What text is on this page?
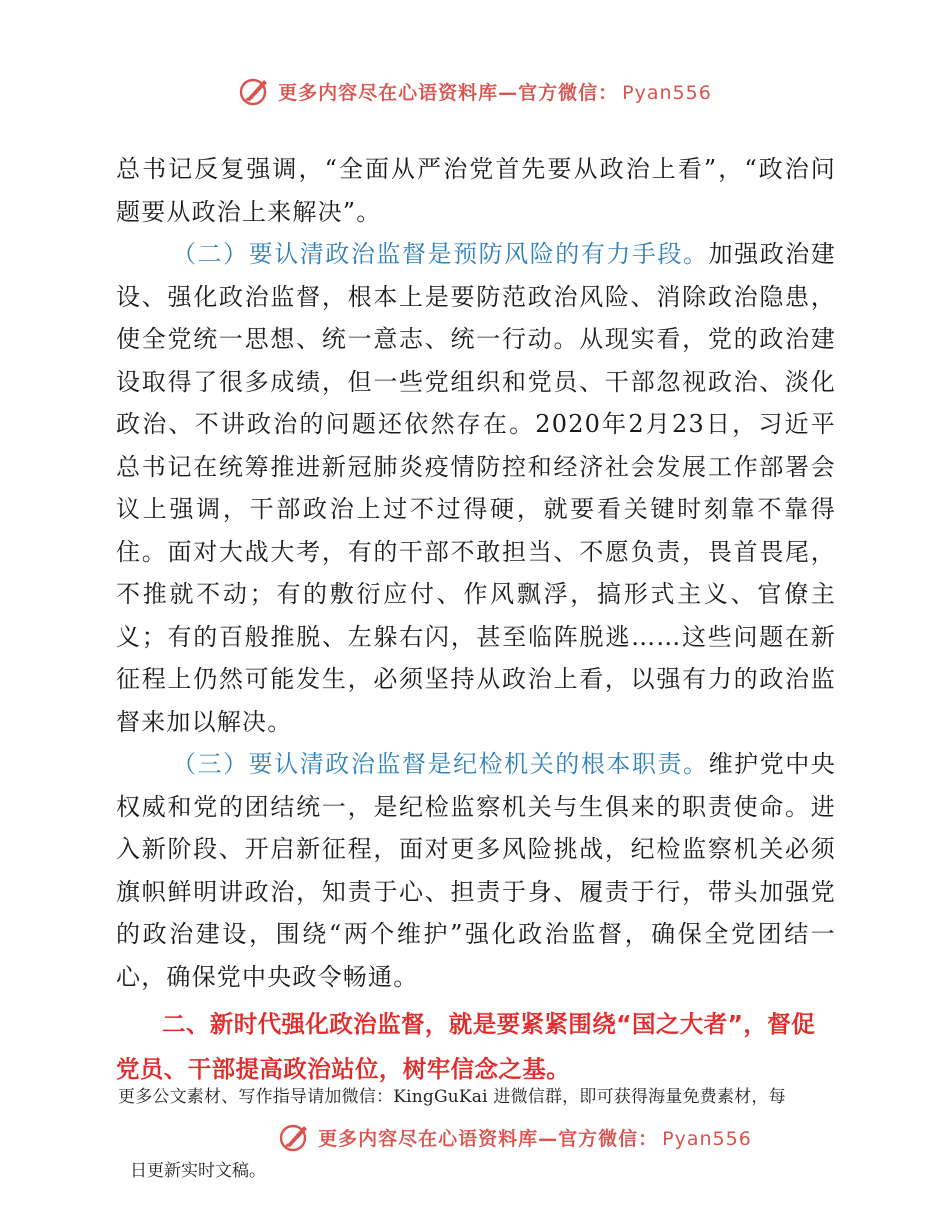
更多内容尽在心语资料库—官方微信： Pyan556

总书记反复强调，“全面从严治党首先要从政治上看”，“政治问题要从政治上来解决”。

（二）要认清政治监督是预防风险的有力手段。加强政治建设、强化政治监督，根本上是要防范政治风险、消除政治隐患，使全党统一思想、统一意志、统一行动。从现实看，党的政治建设取得了很多成绩，但一些党组织和党员、干部忽视政治、淡化政治、不讲政治的问题还依然存在。2020年2月23日，习近平总书记在统筹推进新冠肺炎疫情防控和经济社会发展工作部署会议上强调，干部政治上过不过得硬，就要看关键时刻靠不靠得住。面对大战大考，有的干部不敢担当、不愿负责，畏首畏尾，不推就不动；有的敷衍应付、作风飘浮，搞形式主义、官僚主义；有的百般推脱、左躲右闪，甚至临阵脱逃……这些问题在新征程上仍然可能发生，必须坚持从政治上看，以强有力的政治监督来加以解决。

（三）要认清政治监督是纪检机关的根本职责。维护党中央权威和党的团结统一，是纪检监察机关与生俱来的职责使命。进入新阶段、开启新征程，面对更多风险挑战，纪检监察机关必须旗帜鲜明讲政治，知责于心、担责于身、履责于行，带头加强党的政治建设，围绕“两个维护”强化政治监督，确保全党团结一心，确保党中央政令畅通。

二、新时代强化政治监督，就是要紧紧围绕“国之大者”，督促党员、干部提高政治站位，树牢信念之基。

更多公文素材、写作指导请加微信：KingGuKai 进微信群，即可获得海量免费素材，每
更多内容尽在心语资料库—官方微信： Pyan556
日更新实时文稿。
